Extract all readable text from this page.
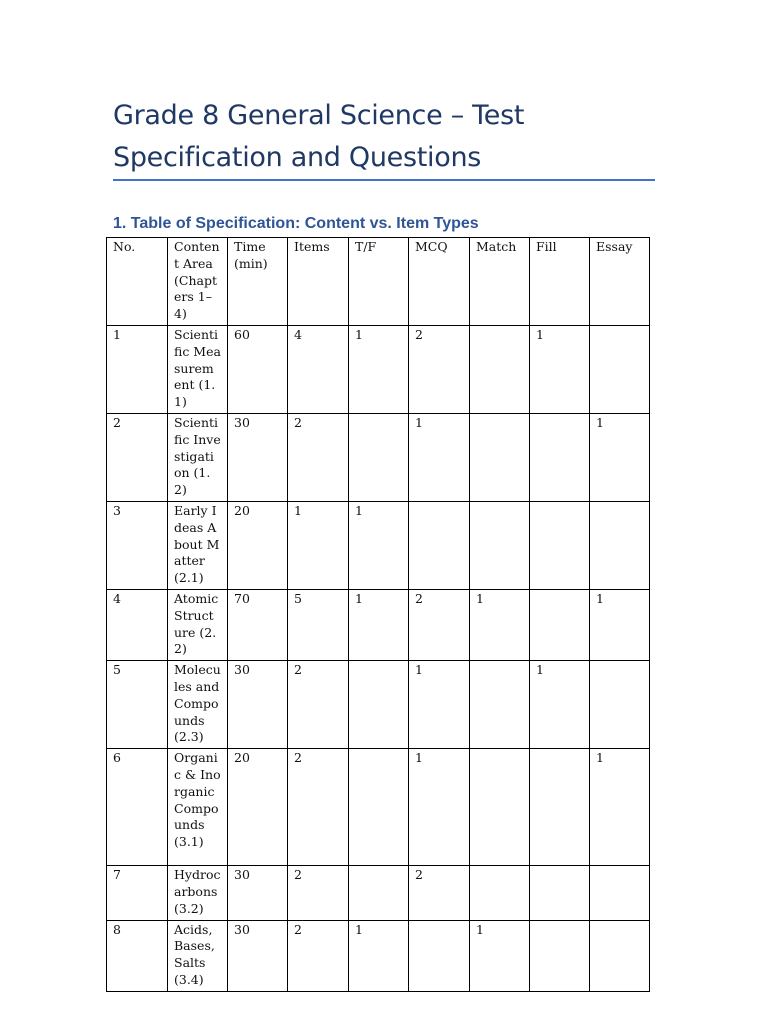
Grade 8 General Science – Test Specification and Questions
1. Table of Specification: Content vs. Item Types
No.	Content Area (Chapters 1–4)	Time (min)	Items	T/F	MCQ	Match	Fill	Essay
1	Scientific Measurement (1.1)	60	4	1	2		1	
2	Scientific Investigation (1.2)	30	2		1			1
3	Early Ideas About Matter (2.1)	20	1	1				
4	Atomic Structure (2.2)	70	5	1	2	1		1
5	Molecules and Compounds (2.3)	30	2		1		1	
6	Organic & Inorganic Compounds (3.1)	20	2		1			1
7	Hydrocarbons (3.2)	30	2		2			
8	Acids, Bases, Salts (3.4)	30	2	1		1		
